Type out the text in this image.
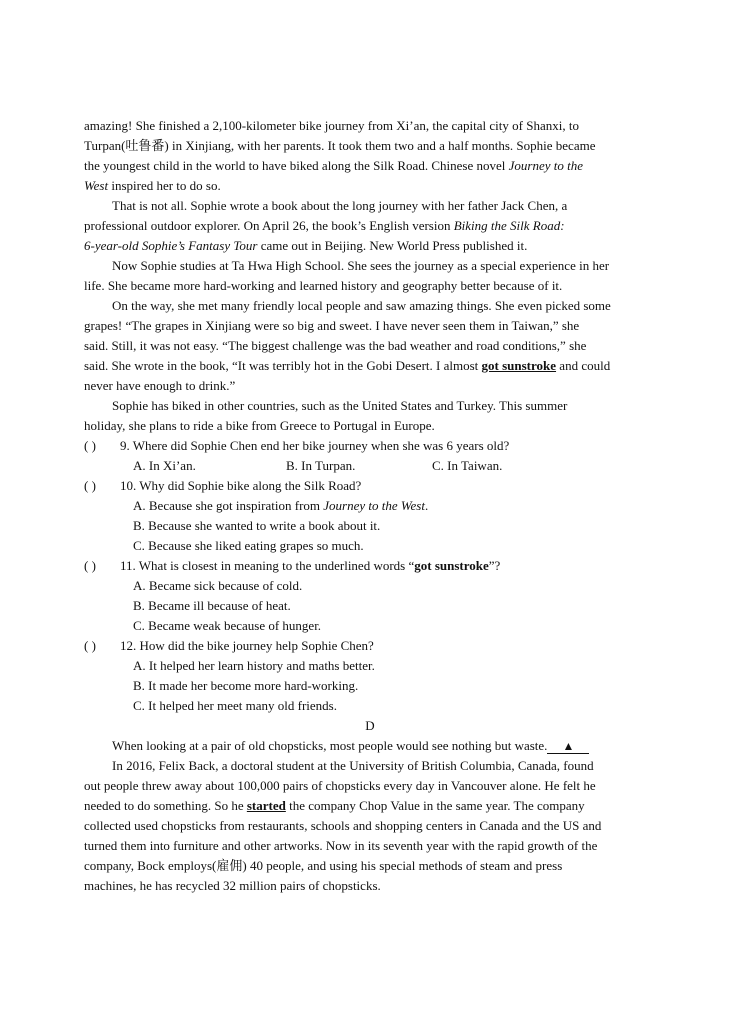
amazing! She finished a 2,100-kilometer bike journey from Xi’an, the capital city of Shanxi, to
Turpan(吐鲁番) in Xinjiang, with her parents. It took them two and a half months. Sophie became
the youngest child in the world to have biked along the Silk Road. Chinese novel Journey to the
West inspired her to do so.
That is not all. Sophie wrote a book about the long journey with her father Jack Chen, a
professional outdoor explorer. On April 26, the book’s English version Biking the Silk Road:
6-year-old Sophie’s Fantasy Tour came out in Beijing. New World Press published it.
Now Sophie studies at Ta Hwa High School. She sees the journey as a special experience in her
life. She became more hard-working and learned history and geography better because of it.
On the way, she met many friendly local people and saw amazing things. She even picked some
grapes! “The grapes in Xinjiang were so big and sweet. I have never seen them in Taiwan,” she
said. Still, it was not easy. “The biggest challenge was the bad weather and road conditions,” she
said. She wrote in the book, “It was terribly hot in the Gobi Desert. I almost got sunstroke and could
never have enough to drink.”
Sophie has biked in other countries, such as the United States and Turkey. This summer
holiday, she plans to ride a bike from Greece to Portugal in Europe.
( )	9. Where did Sophie Chen end her bike journey when she was 6 years old?
A. In Xi’an.	B. In Turpan.	C. In Taiwan.
( )	10. Why did Sophie bike along the Silk Road?
A. Because she got inspiration from Journey to the West.
B. Because she wanted to write a book about it.
C. Because she liked eating grapes so much.
( )	11. What is closest in meaning to the underlined words “got sunstroke”?
A. Became sick because of cold.
B. Became ill because of heat.
C. Became weak because of hunger.
( )	12. How did the bike journey help Sophie Chen?
A. It helped her learn history and maths better.
B. It made her become more hard-working.
C. It helped her meet many old friends.
D
When looking at a pair of old chopsticks, most people would see nothing but waste. ▲
In 2016, Felix Back, a doctoral student at the University of British Columbia, Canada, found
out people threw away about 100,000 pairs of chopsticks every day in Vancouver alone. He felt he
needed to do something. So he started the company Chop Value in the same year. The company
collected used chopsticks from restaurants, schools and shopping centers in Canada and the US and
turned them into furniture and other artworks. Now in its seventh year with the rapid growth of the
company, Bock employs(雇佣) 40 people, and using his special methods of steam and press
machines, he has recycled 32 million pairs of chopsticks.
